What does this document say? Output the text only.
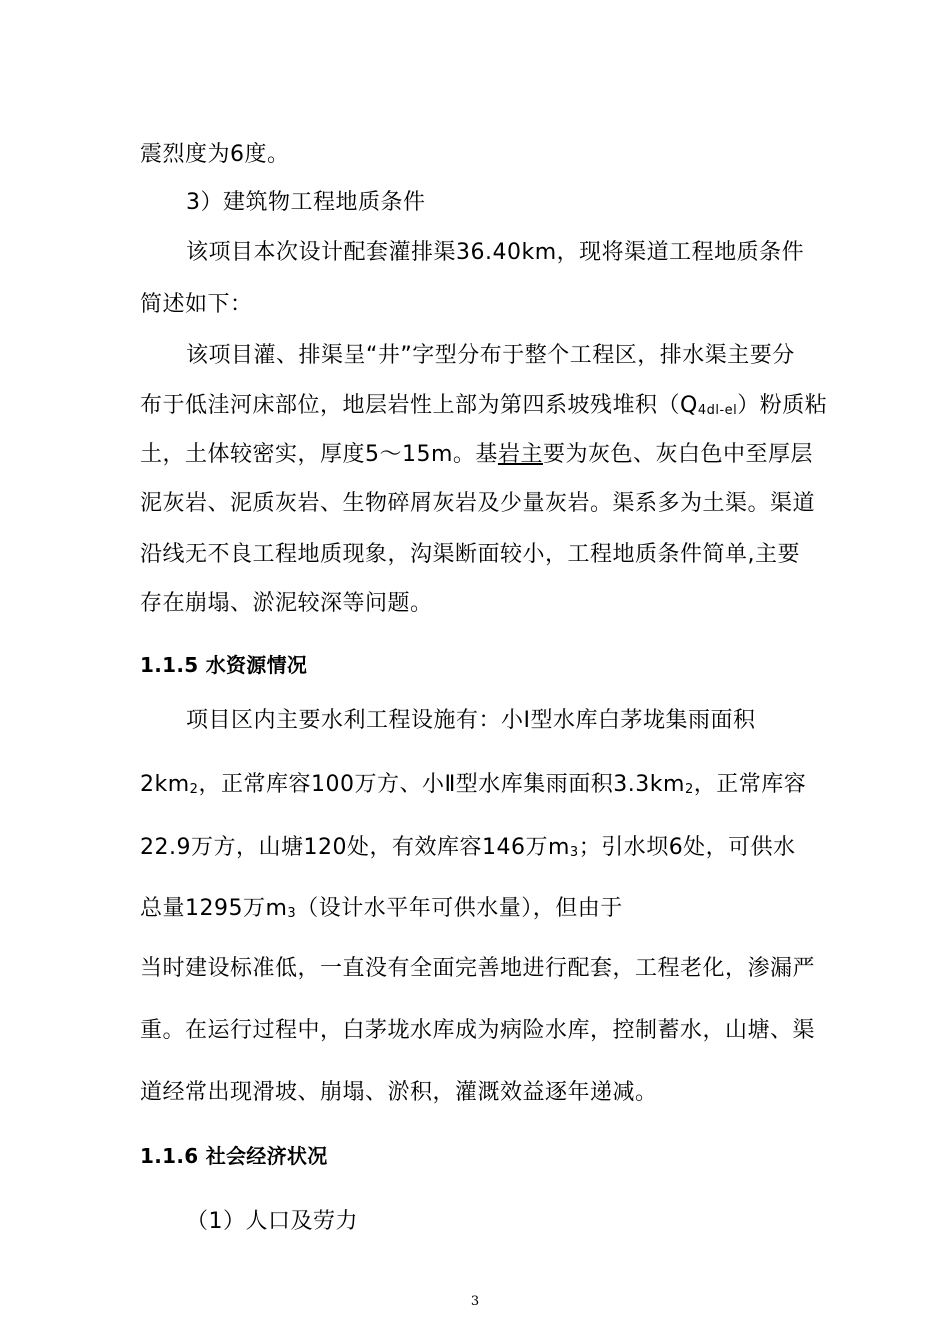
震烈度为6度。
3）建筑物工程地质条件
该项目本次设计配套灌排渠36.40km，现将渠道工程地质条件
简述如下：
该项目灌、排渠呈“井”字型分布于整个工程区，排水渠主要分
布于低洼河床部位，地层岩性上部为第四系坡残堆积$(Q_{4dl-el})$粉质粘
土，土体较密实，厚度5～15m。基岩主要为灰色、灰白色中至厚层
泥灰岩、泥质灰岩、生物碎屑灰岩及少量灰岩。渠系多为土渠。渠道
沿线无不良工程地质现象，沟渠断面较小，工程地质条件简单,主要
存在崩塌、淤泥较深等问题。
1.1.5 水资源情况
项目区内主要水利工程设施有：小Ⅰ型水库白茅垅集雨面积
$2km_2$，正常库容100万方、小Ⅱ型水库集雨面积$3.3km_2$，正常库容
22.9万方，山塘120处，有效库容146万$m_3$；引水坝6处，可供水
总量1295万$m_3$（设计水平年可供水量），但由于
当时建设标准低，一直没有全面完善地进行配套，工程老化，渗漏严
重。在运行过程中，白茅垅水库成为病险水库，控制蓄水，山塘、渠
道经常出现滑坡、崩塌、淤积，灌溉效益逐年递减。
1.1.6 社会经济状况
（1）人口及劳力
3
